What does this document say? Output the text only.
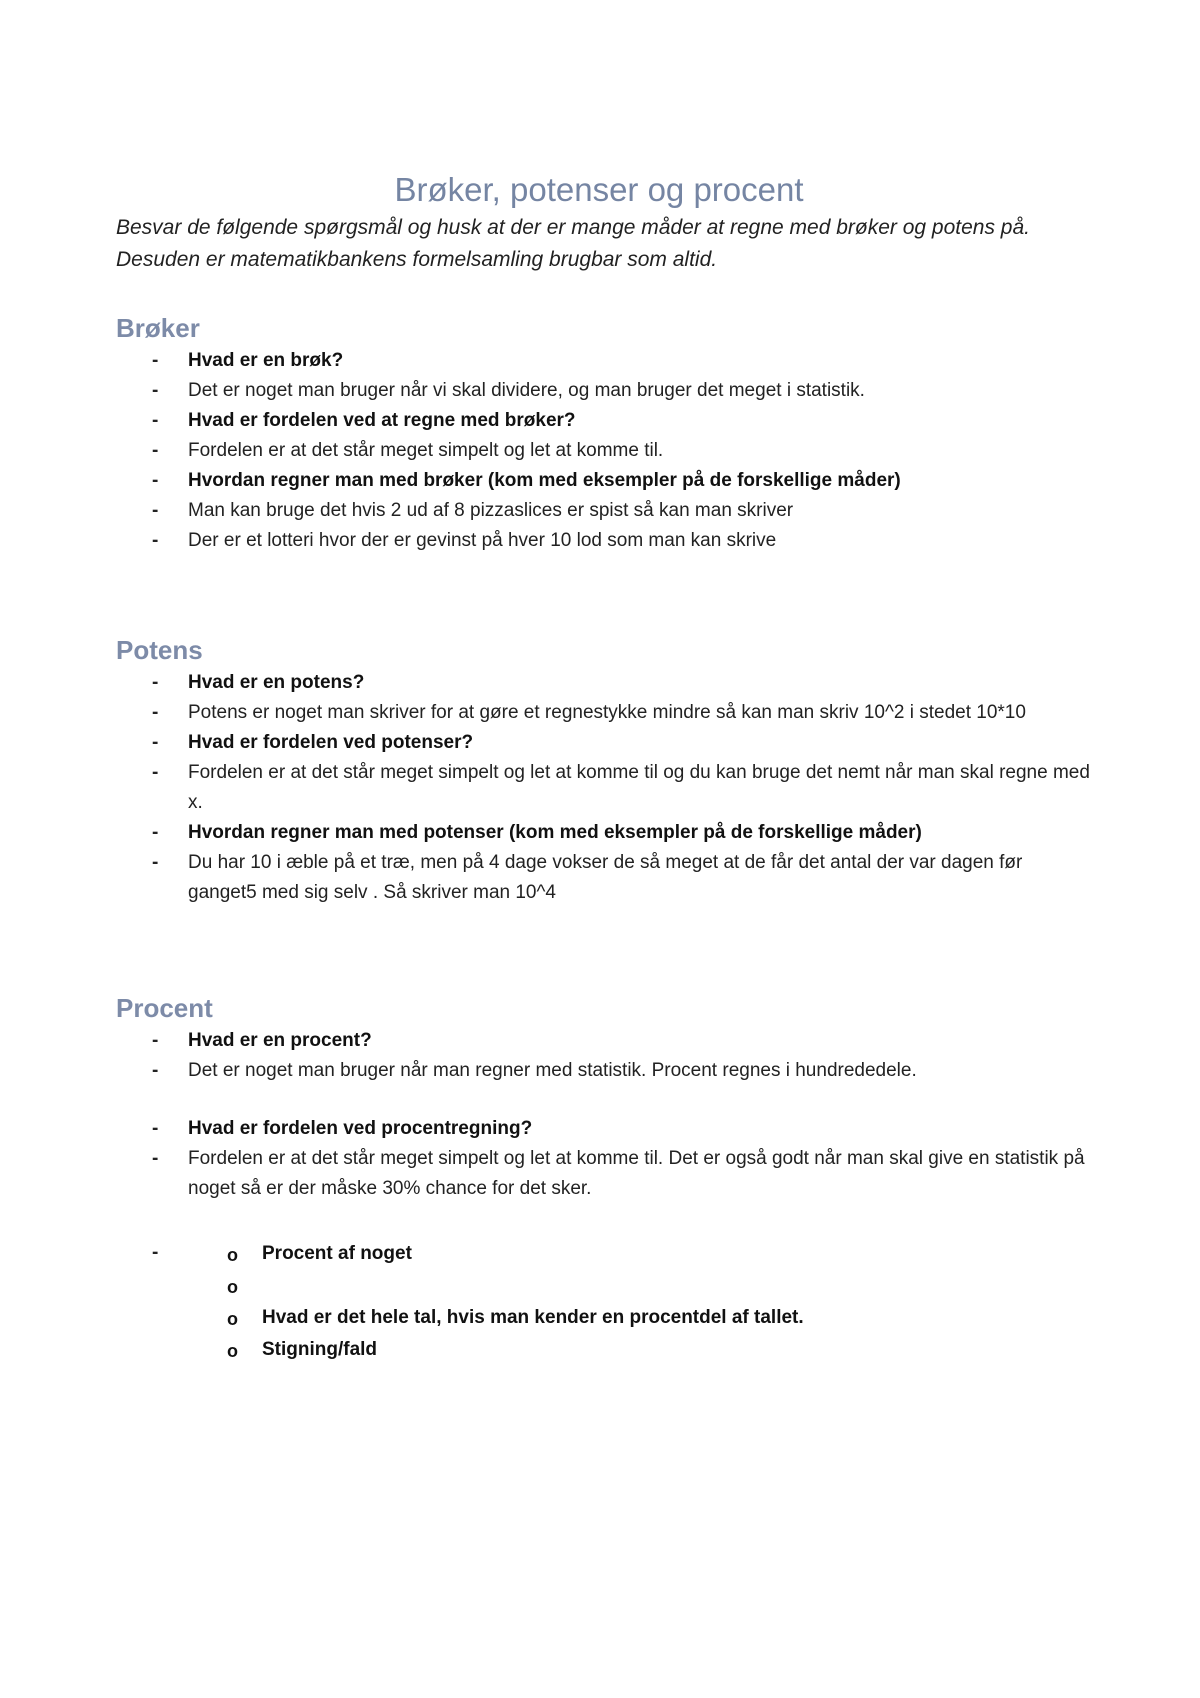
Brøker, potenser og procent

Besvar de følgende spørgsmål og husk at der er mange måder at regne med brøker og potens på. Desuden er matematikbankens formelsamling brugbar som altid.

Brøker
-	Hvad er en brøk?
-	Det er noget man bruger når vi skal dividere, og man bruger det meget i statistik.
-	Hvad er fordelen ved at regne med brøker?
-	Fordelen er at det står meget simpelt og let at komme til.
-	Hvordan regner man med brøker (kom med eksempler på de forskellige måder)
-	Man kan bruge det hvis 2 ud af 8 pizzaslices er spist så kan man skriver
-	Der er et lotteri hvor der er gevinst på hver 10 lod som man kan skrive
Potens
-	Hvad er en potens?
-	Potens er noget man skriver for at gøre et regnestykke mindre så kan man skriv 10^2 i stedet 10*10
-	Hvad er fordelen ved potenser?
-	Fordelen er at det står meget simpelt og let at komme til og du kan bruge det nemt når man skal regne med x.
-	Hvordan regner man med potenser (kom med eksempler på de forskellige måder)
-	Du har 10 i æble på et træ, men på 4 dage vokser de så meget at de får det antal der var dagen før ganget5 med sig selv . Så skriver man 10^4
Procent
-	Hvad er en procent?
-	Det er noget man bruger når man regner med statistik. Procent regnes i hundrededele.
-	Hvad er fordelen ved procentregning?
-	Fordelen er at det står meget simpelt og let at komme til. Det er også godt når man skal give en statistik på noget så er der måske 30% chance for det sker.
-	o Procent af noget
o
o Hvad er det hele tal, hvis man kender en procentdel af tallet.
o Stigning/fald
